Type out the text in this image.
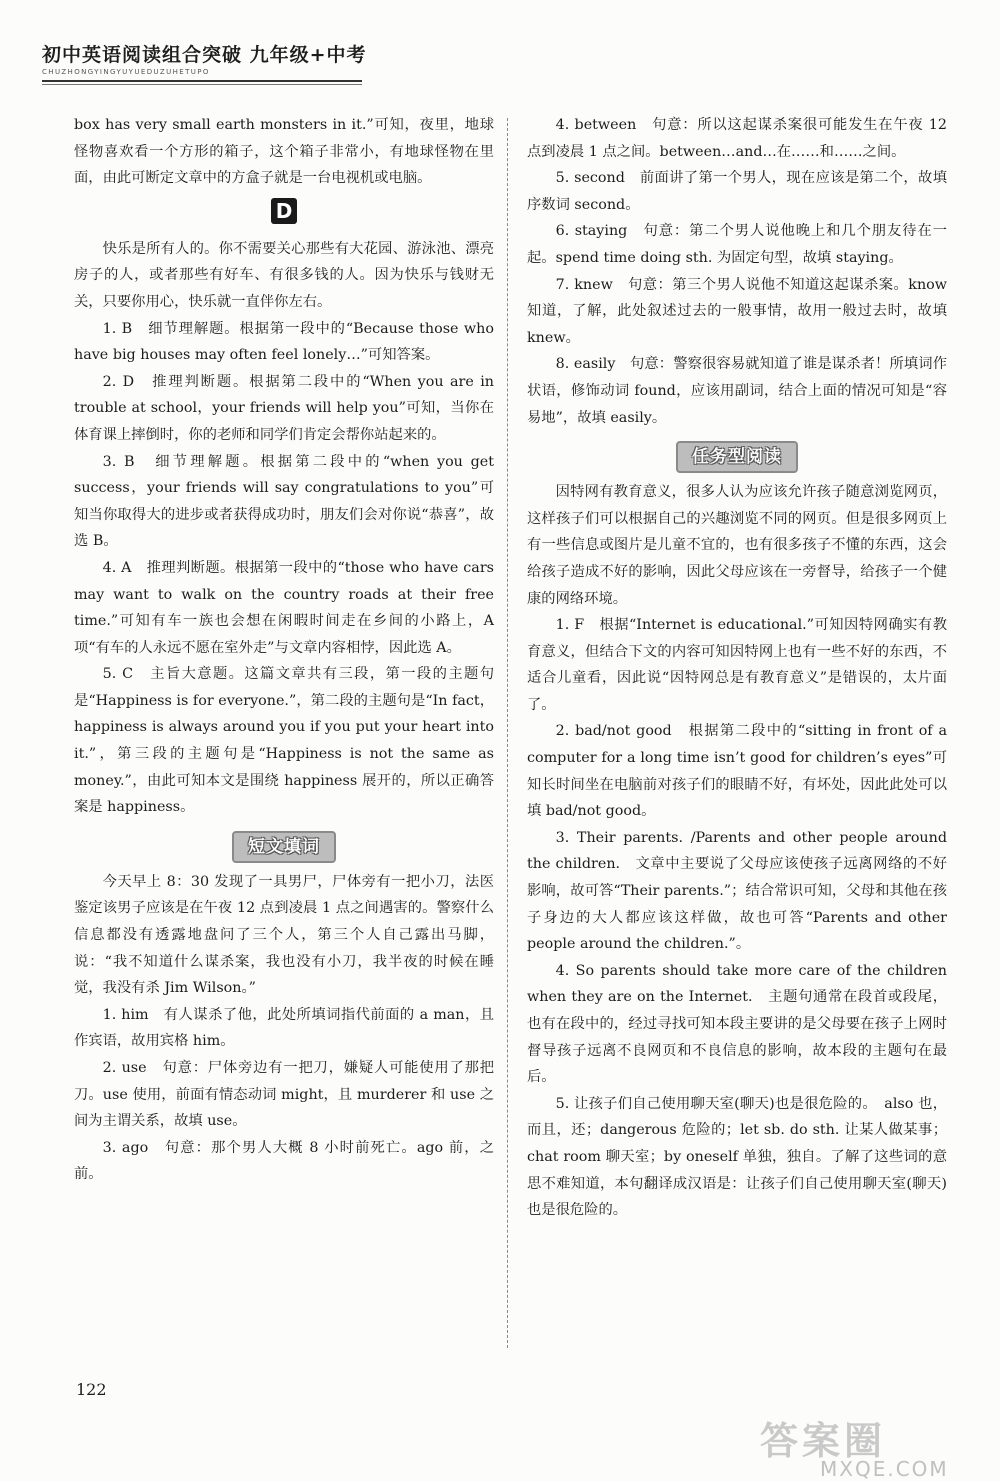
初中英语阅读组合突破 九年级+中考
CHUZHONGYINGYUYUEDUZUHETUPO

box has very small earth monsters in it.”可知，夜里，地球怪物喜欢看一个方形的箱子，这个箱子非常小，有地球怪物在里面，由此可断定文章中的方盒子就是一台电视机或电脑。

D

快乐是所有人的。你不需要关心那些有大花园、游泳池、漂亮房子的人，或者那些有好车、有很多钱的人。因为快乐与钱财无关，只要你用心，快乐就一直伴你左右。

1. B　细节理解题。根据第一段中的“Because those who have big houses may often feel lonely…”可知答案。

2. D　推理判断题。根据第二段中的“When you are in trouble at school，your friends will help you”可知，当你在体育课上摔倒时，你的老师和同学们肯定会帮你站起来的。

3. B　细节理解题。根据第二段中的“when you get success，your friends will say congratulations to you”可知当你取得大的进步或者获得成功时，朋友们会对你说“恭喜”，故选 B。

4. A　推理判断题。根据第一段中的“those who have cars may want to walk on the country roads at their free time.”可知有车一族也会想在闲暇时间走在乡间的小路上，A 项“有车的人永远不愿在室外走”与文章内容相悖，因此选 A。

5. C　主旨大意题。这篇文章共有三段，第一段的主题句是“Happiness is for everyone.”，第二段的主题句是“In fact，happiness is always around you if you put your heart into it.”，第三段的主题句是“Happiness is not the same as money.”，由此可知本文是围绕 happiness 展开的，所以正确答案是 happiness。

短文填词

今天早上 8：30 发现了一具男尸，尸体旁有一把小刀，法医鉴定该男子应该是在午夜 12 点到凌晨 1 点之间遇害的。警察什么信息都没有透露地盘问了三个人，第三个人自己露出马脚，说：“我不知道什么谋杀案，我也没有小刀，我半夜的时候在睡觉，我没有杀 Jim Wilson。”

1. him　有人谋杀了他，此处所填词指代前面的 a man，且作宾语，故用宾格 him。

2. use　句意：尸体旁边有一把刀，嫌疑人可能使用了那把刀。use 使用，前面有情态动词 might，且 murderer 和 use 之间为主谓关系，故填 use。

3. ago　句意：那个男人大概 8 小时前死亡。ago 前，之前。

4. between　句意：所以这起谋杀案很可能发生在午夜 12 点到凌晨 1 点之间。between…and…在……和……之间。

5. second　前面讲了第一个男人，现在应该是第二个，故填序数词 second。

6. staying　句意：第二个男人说他晚上和几个朋友待在一起。spend time doing sth. 为固定句型，故填 staying。

7. knew　句意：第三个男人说他不知道这起谋杀案。know 知道，了解，此处叙述过去的一般事情，故用一般过去时，故填 knew。

8. easily　句意：警察很容易就知道了谁是谋杀者！所填词作状语，修饰动词 found，应该用副词，结合上面的情况可知是“容易地”，故填 easily。

任务型阅读

因特网有教育意义，很多人认为应该允许孩子随意浏览网页，这样孩子们可以根据自己的兴趣浏览不同的网页。但是很多网页上有一些信息或图片是儿童不宜的，也有很多孩子不懂的东西，这会给孩子造成不好的影响，因此父母应该在一旁督导，给孩子一个健康的网络环境。

1. F　根据“Internet is educational.”可知因特网确实有教育意义，但结合下文的内容可知因特网上也有一些不好的东西，不适合儿童看，因此说“因特网总是有教育意义”是错误的，太片面了。

2. bad/not good　根据第二段中的“sitting in front of a computer for a long time isn’t good for children’s eyes”可知长时间坐在电脑前对孩子们的眼睛不好，有坏处，因此此处可以填 bad/not good。

3. Their parents. /Parents and other people around the children.　文章中主要说了父母应该使孩子远离网络的不好影响，故可答“Their parents.”；结合常识可知，父母和其他在孩子身边的大人都应该这样做，故也可答“Parents and other people around the children.”。

4. So parents should take more care of the children when they are on the Internet.　主题句通常在段首或段尾，也有在段中的，经过寻找可知本段主要讲的是父母要在孩子上网时督导孩子远离不良网页和不良信息的影响，故本段的主题句在最后。

5. 让孩子们自己使用聊天室(聊天)也是很危险的。　also 也，而且，还；dangerous 危险的；let sb. do sth. 让某人做某事；chat room 聊天室；by oneself 单独，独自。了解了这些词的意思不难知道，本句翻译成汉语是：让孩子们自己使用聊天室(聊天)也是很危险的。

122
答案圈
MXQE.COM
